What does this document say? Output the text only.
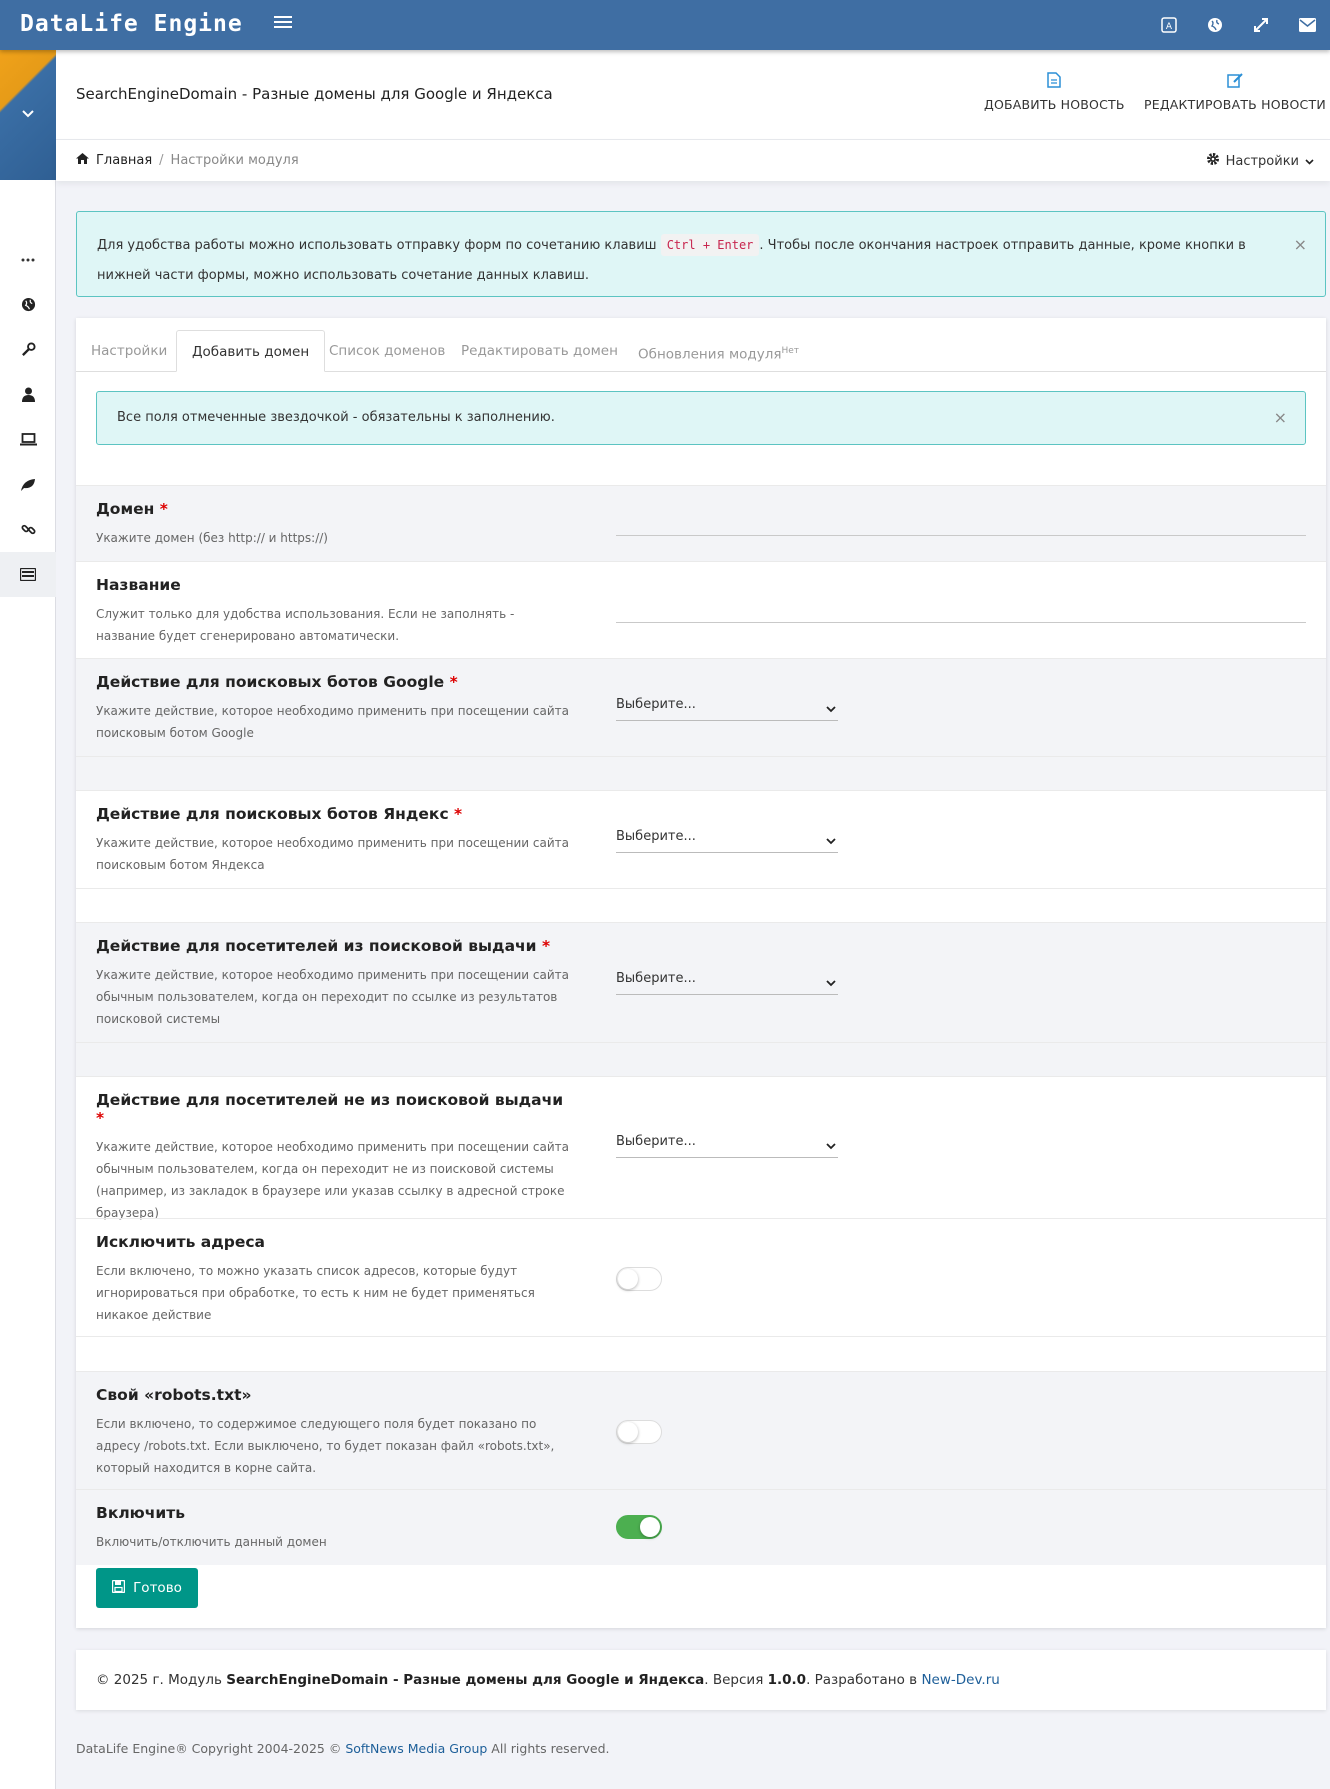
DataLife Engine	A
SearchEngineDomain - Разные домены для Google и Яндекса
ДОБАВИТЬ НОВОСТЬ РЕДАКТИРОВАТЬ НОВОСТИ
Главная / Настройки модуля	Настройки
Для удобства работы можно использовать отправку форм по сочетанию клавиш Ctrl + Enter . Чтобы после окончания настроек отправить данные, кроме кнопки в нижней части формы, можно использовать сочетание данных клавиш.
×
Настройки	Добавить домен	Список доменов	Редактировать домен	Обновления модуля$^{Нет}$
Все поля отмеченные звездочкой - обязательны к заполнению.	×
Домен *

Укажите домен (без http:// и https://)

Название

Служит только для удобства использования. Если не заполнять - название будет сгенерировано автоматически.

Действие для поисковых ботов Google *

Укажите действие, которое необходимо применить при посещении сайта поисковым ботом Google

Выберите...
Действие для поисковых ботов Яндекс *

Укажите действие, которое необходимо применить при посещении сайта поисковым ботом Яндекса

Выберите...
Действие для посетителей из поисковой выдачи *

Укажите действие, которое необходимо применить при посещении сайта обычным пользователем, когда он переходит по ссылке из результатов поисковой системы

Выберите...
Действие для посетителей не из поисковой выдачи *

Укажите действие, которое необходимо применить при посещении сайта обычным пользователем, когда он переходит не из поисковой системы (например, из закладок в браузере или указав ссылку в адресной строке браузера)

Выберите...
Исключить адреса

Если включено, то можно указать список адресов, которые будут игнорироваться при обработке, то есть к ним не будет применяться никакое действие

Свой «robots.txt»

Если включено, то содержимое следующего поля будет показано по адресу /robots.txt. Если выключено, то будет показан файл «robots.txt», который находится в корне сайта.

Включить

Включить/отключить данный домен

Готово
© 2025 г. Модуль SearchEngineDomain - Разные домены для Google и Яндекса. Версия 1.0.0. Разработано в New-Dev.ru
DataLife Engine® Copyright 2004-2025 © SoftNews Media Group All rights reserved.
